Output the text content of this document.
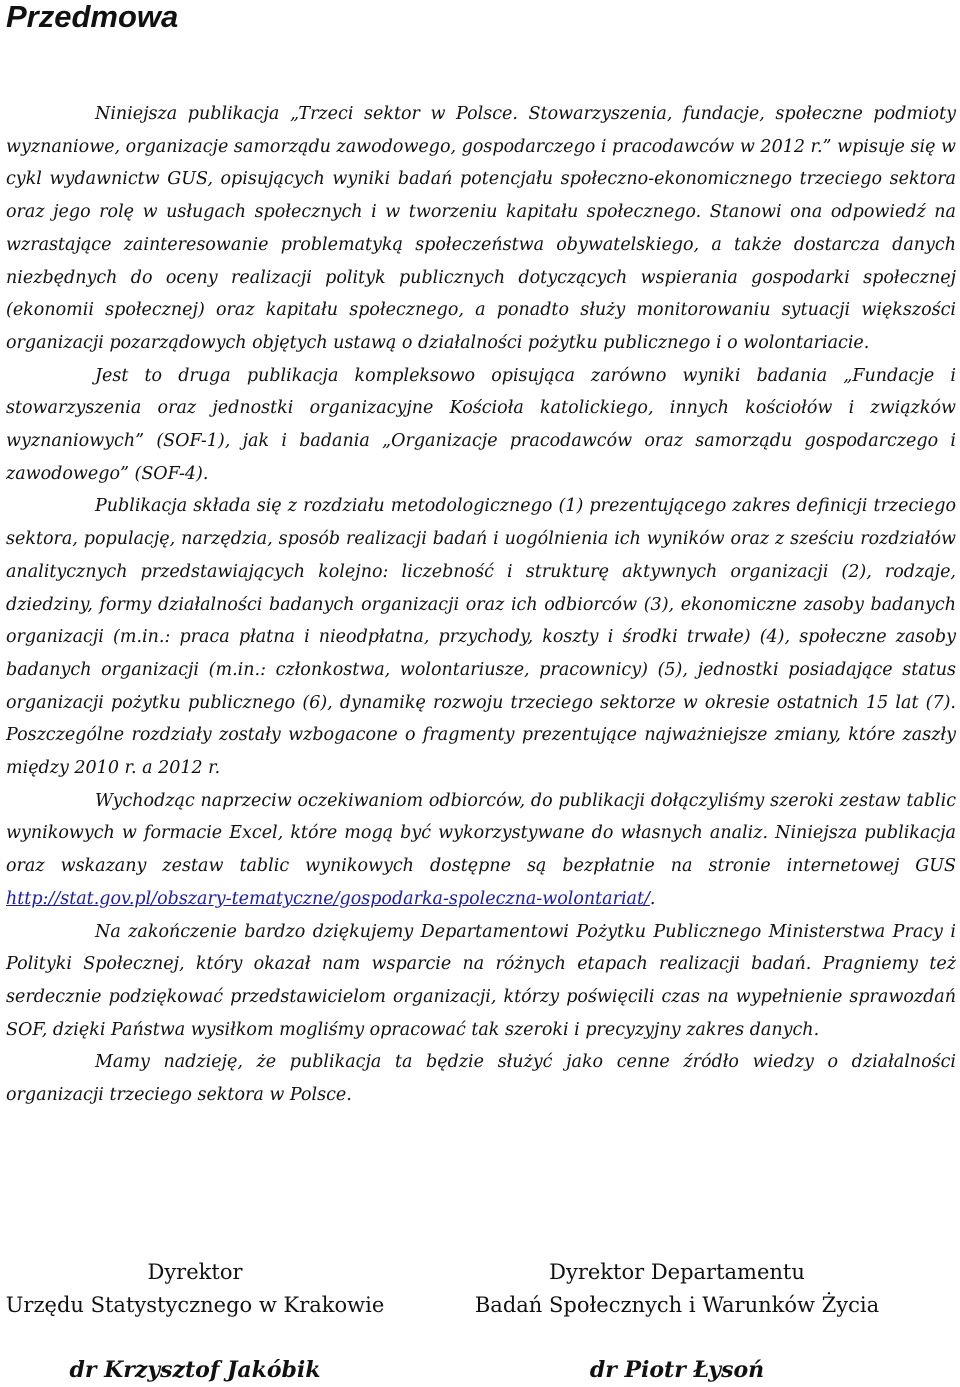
Przedmowa

Niniejsza publikacja „Trzeci sektor w Polsce. Stowarzyszenia, fundacje, społeczne podmioty wyznaniowe, organizacje samorządu zawodowego, gospodarczego i pracodawców w 2012 r.” wpisuje się w cykl wydawnictw GUS, opisujących wyniki badań potencjału społeczno-ekonomicznego trzeciego sektora oraz jego rolę w usługach społecznych i w tworzeniu kapitału społecznego. Stanowi ona odpowiedź na wzrastające zainteresowanie problematyką społeczeństwa obywatelskiego, a także dostarcza danych niezbędnych do oceny realizacji polityk publicznych dotyczących wspierania gospodarki społecznej (ekonomii społecznej) oraz kapitału społecznego, a ponadto służy monitorowaniu sytuacji większości organizacji pozarządowych objętych ustawą o działalności pożytku publicznego i o wolontariacie.

Jest to druga publikacja kompleksowo opisująca zarówno wyniki badania „Fundacje i stowarzyszenia oraz jednostki organizacyjne Kościoła katolickiego, innych kościołów i związków wyznaniowych” (SOF-1), jak i badania „Organizacje pracodawców oraz samorządu gospodarczego i zawodowego” (SOF-4).

Publikacja składa się z rozdziału metodologicznego (1) prezentującego zakres definicji trzeciego sektora, populację, narzędzia, sposób realizacji badań i uogólnienia ich wyników oraz z sześciu rozdziałów analitycznych przedstawiających kolejno: liczebność i strukturę aktywnych organizacji (2), rodzaje, dziedziny, formy działalności badanych organizacji oraz ich odbiorców (3), ekonomiczne zasoby badanych organizacji (m.in.: praca płatna i nieodpłatna, przychody, koszty i środki trwałe) (4), społeczne zasoby badanych organizacji (m.in.: członkostwa, wolontariusze, pracownicy) (5), jednostki posiadające status organizacji pożytku publicznego (6), dynamikę rozwoju trzeciego sektorze w okresie ostatnich 15 lat (7). Poszczególne rozdziały zostały wzbogacone o fragmenty prezentujące najważniejsze zmiany, które zaszły między 2010 r. a 2012 r.

Wychodząc naprzeciw oczekiwaniom odbiorców, do publikacji dołączyliśmy szeroki zestaw tablic wynikowych w formacie Excel, które mogą być wykorzystywane do własnych analiz. Niniejsza publikacja oraz wskazany zestaw tablic wynikowych dostępne są bezpłatnie na stronie internetowej GUS http://stat.gov.pl/obszary-tematyczne/gospodarka-spoleczna-wolontariat/.

Na zakończenie bardzo dziękujemy Departamentowi Pożytku Publicznego Ministerstwa Pracy i Polityki Społecznej, który okazał nam wsparcie na różnych etapach realizacji badań. Pragniemy też serdecznie podziękować przedstawicielom organizacji, którzy poświęcili czas na wypełnienie sprawozdań SOF, dzięki Państwa wysiłkom mogliśmy opracować tak szeroki i precyzyjny zakres danych.

Mamy nadzieję, że publikacja ta będzie służyć jako cenne źródło wiedzy o działalności organizacji trzeciego sektora w Polsce.

Dyrektor
Urzędu Statystycznego w Krakowie
dr Krzysztof Jakóbik
Dyrektor Departamentu
Badań Społecznych i Warunków Życia
dr Piotr Łysoń
